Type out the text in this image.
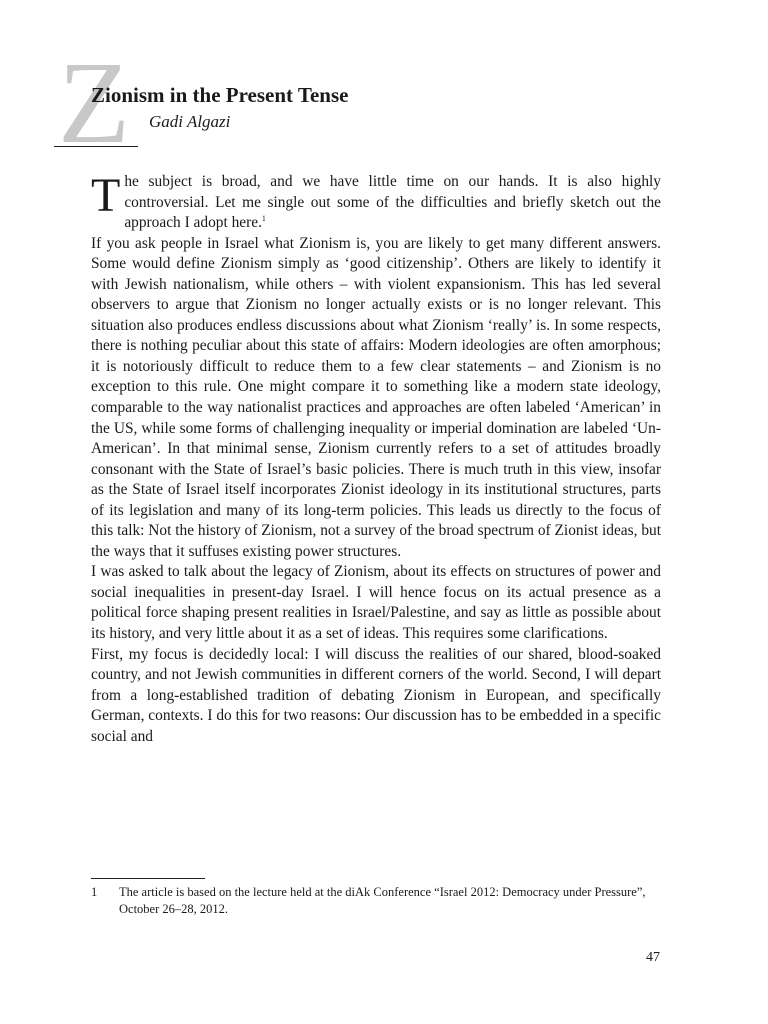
Z
Zionism in the Present Tense
Gadi Algazi

The subject is broad, and we have little time on our hands. It is also highly controversial. Let me single out some of the difficulties and briefly sketch out the approach I adopt here.$^1$

If you ask people in Israel what Zionism is, you are likely to get many different answers. Some would define Zionism simply as ‘good citizenship’. Others are likely to identify it with Jewish nationalism, while others – with violent expansionism. This has led several observers to argue that Zionism no longer actually exists or is no longer relevant. This situation also produces endless discussions about what Zionism ‘really’ is. In some respects, there is nothing peculiar about this state of affairs: Modern ideologies are often amorphous; it is notoriously difficult to reduce them to a few clear statements – and Zionism is no exception to this rule. One might compare it to something like a modern state ideology, comparable to the way nationalist practices and approaches are often labeled ‘American’ in the US, while some forms of challenging inequality or imperial domination are labeled ‘Un-American’. In that minimal sense, Zionism currently refers to a set of attitudes broadly consonant with the State of Israel’s basic policies. There is much truth in this view, insofar as the State of Israel itself incorporates Zionist ideology in its institutional structures, parts of its legislation and many of its long-term policies. This leads us directly to the focus of this talk: Not the history of Zionism, not a survey of the broad spectrum of Zionist ideas, but the ways that it suffuses existing power structures.

I was asked to talk about the legacy of Zionism, about its effects on structures of power and social inequalities in present-day Israel. I will hence focus on its actual presence as a political force shaping present realities in Israel/Palestine, and say as little as possible about its history, and very little about it as a set of ideas. This requires some clarifications.

First, my focus is decidedly local: I will discuss the realities of our shared, blood-soaked country, and not Jewish communities in different corners of the world. Second, I will depart from a long-established tradition of debating Zionism in European, and specifically German, contexts. I do this for two reasons: Our discussion has to be embedded in a specific social and

1 The article is based on the lecture held at the diAk Conference “Israel 2012: Democracy under Pressure”, October 26–28, 2012.
47
